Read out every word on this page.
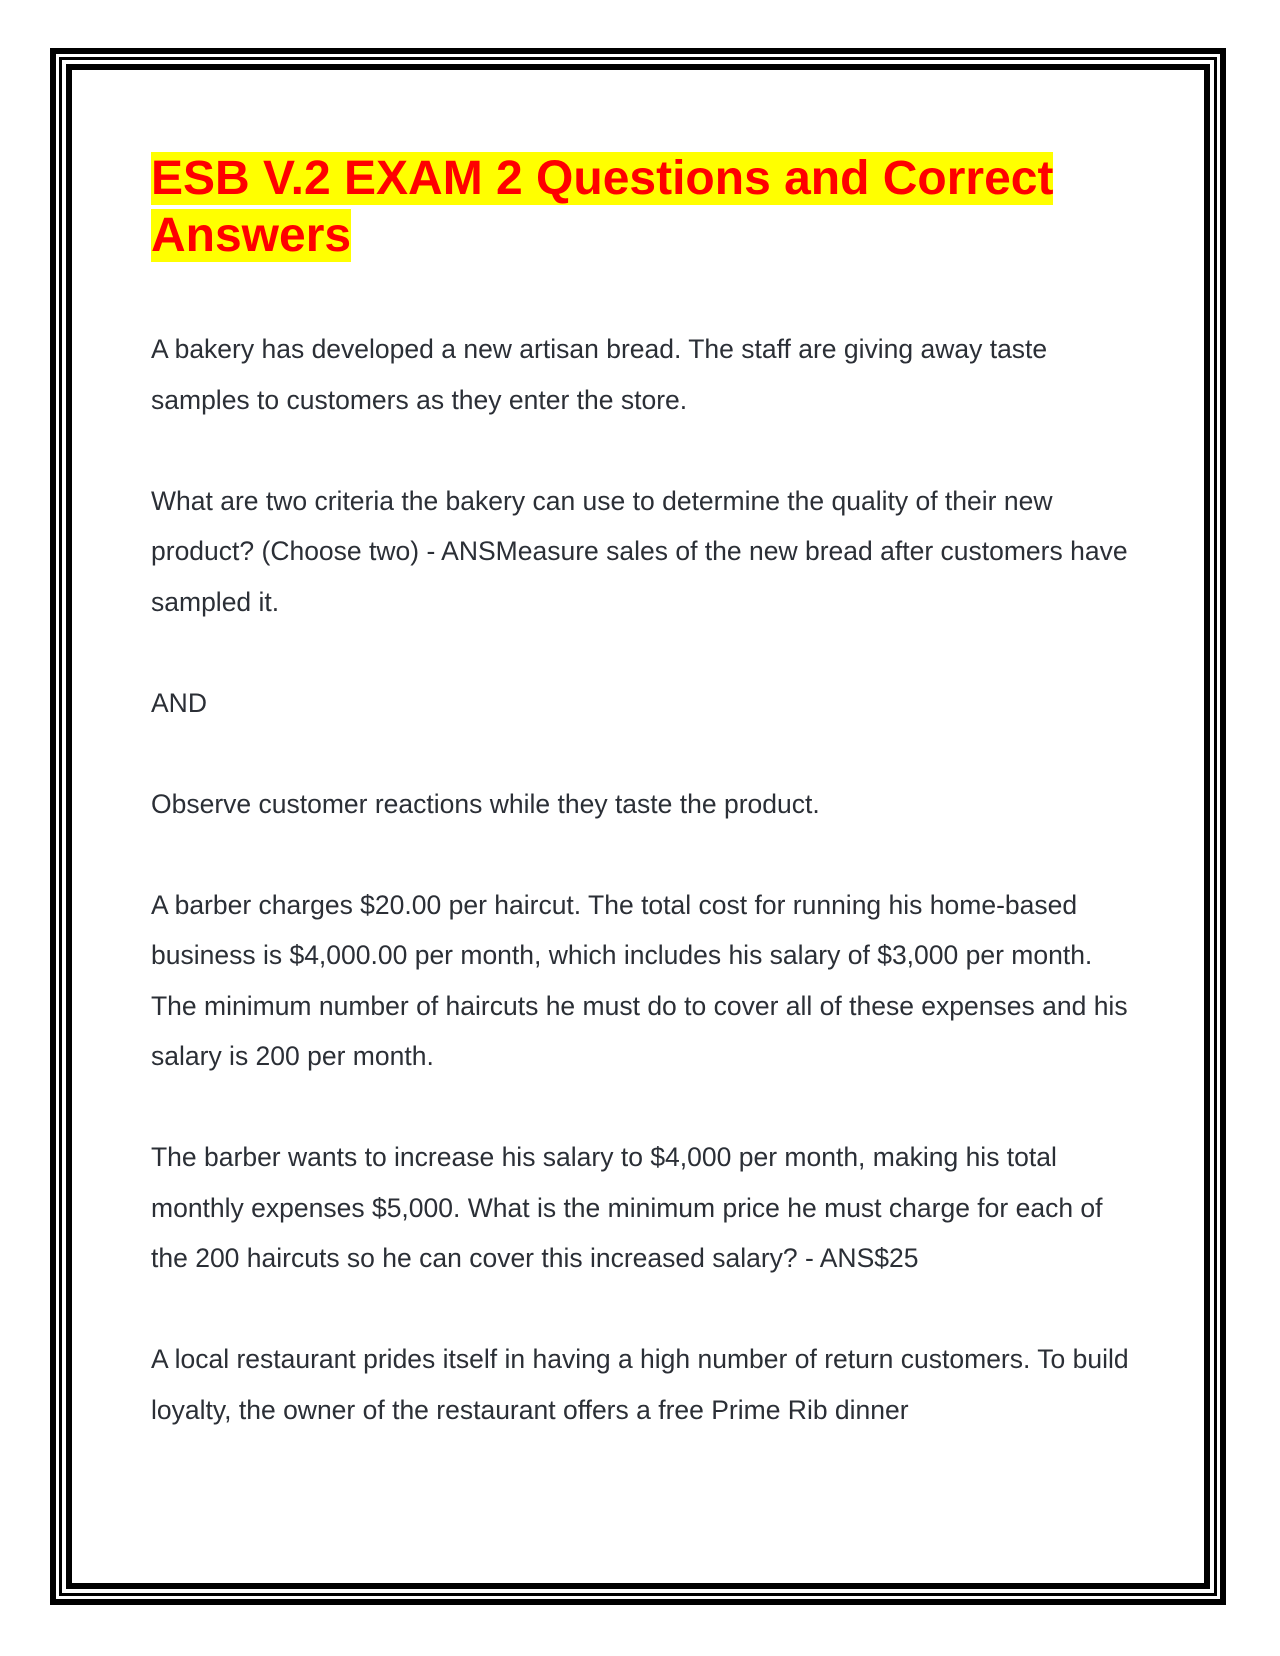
ESB V.2 EXAM 2 Questions and Correct Answers

A bakery has developed a new artisan bread. The staff are giving away taste samples to customers as they enter the store.

What are two criteria the bakery can use to determine the quality of their new product? (Choose two) - ANSMeasure sales of the new bread after customers have sampled it.

AND

Observe customer reactions while they taste the product.

A barber charges $20.00 per haircut. The total cost for running his home-based business is $4,000.00 per month, which includes his salary of $3,000 per month. The minimum number of haircuts he must do to cover all of these expenses and his salary is 200 per month.

The barber wants to increase his salary to $4,000 per month, making his total monthly expenses $5,000. What is the minimum price he must charge for each of the 200 haircuts so he can cover this increased salary? - ANS$25

A local restaurant prides itself in having a high number of return customers. To build loyalty, the owner of the restaurant offers a free Prime Rib dinner
